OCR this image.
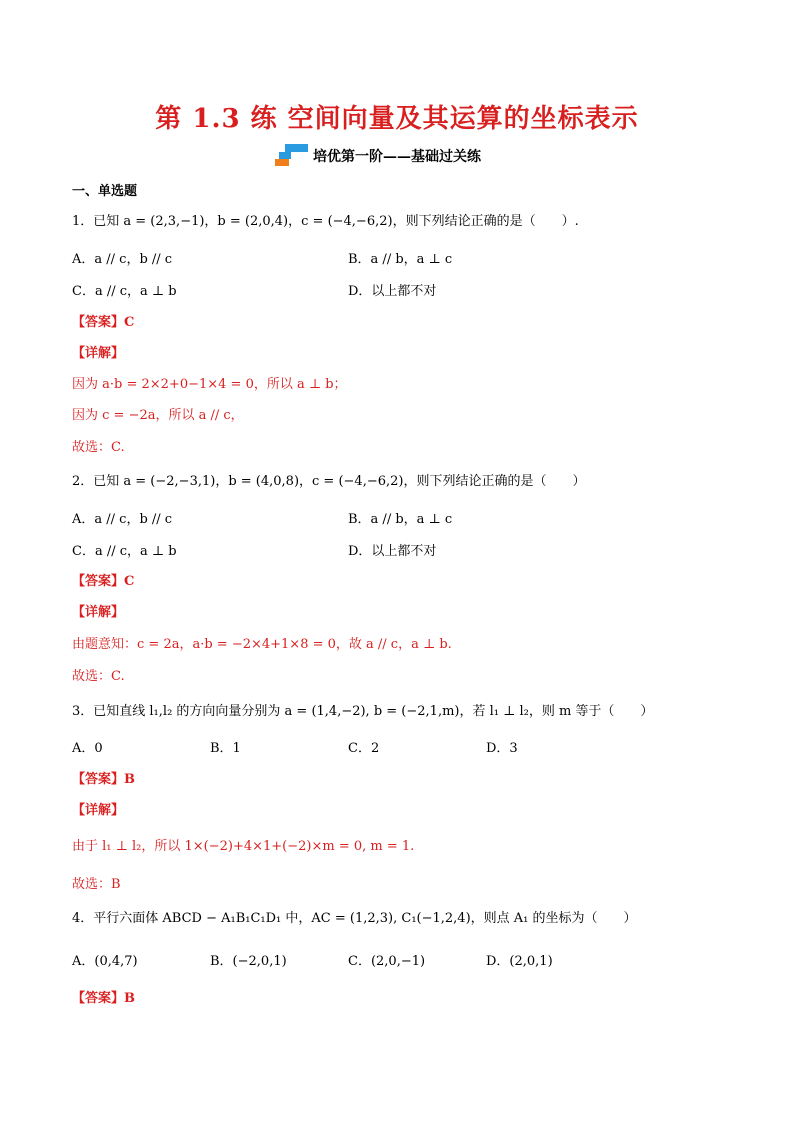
第 1.3 练 空间向量及其运算的坐标表示
培优第一阶——基础过关练
一、单选题
1．已知 a = (2,3,−1)，b = (2,0,4)，c = (−4,−6,2)，则下列结论正确的是（　　）.
A．a // c，b // c	B．a // b，a ⊥ c
C．a // c，a ⊥ b	D．以上都不对
【答案】C
【详解】
因为 a·b = 2×2+0−1×4 = 0，所以 a ⊥ b；
因为 c = −2a，所以 a // c，
故选：C.
2．已知 a = (−2,−3,1)，b = (4,0,8)，c = (−4,−6,2)，则下列结论正确的是（　　）
A．a // c，b // c	B．a // b，a ⊥ c
C．a // c，a ⊥ b	D．以上都不对
【答案】C
【详解】
由题意知：c = 2a，a·b = −2×4+1×8 = 0，故 a // c，a ⊥ b.
故选：C.
3．已知直线 l₁,l₂ 的方向向量分别为 a = (1,4,−2), b = (−2,1,m)，若 l₁ ⊥ l₂，则 m 等于（　　）
A．0	B．1	C．2	D．3
【答案】B
【详解】
由于 l₁ ⊥ l₂，所以 1×(−2)+4×1+(−2)×m = 0, m = 1.
故选：B
4．平行六面体 ABCD − A₁B₁C₁D₁ 中，AC = (1,2,3), C₁(−1,2,4)，则点 A₁ 的坐标为（　　）
A．(0,4,7)	B．(−2,0,1)	C．(2,0,−1)	D．(2,0,1)
【答案】B
